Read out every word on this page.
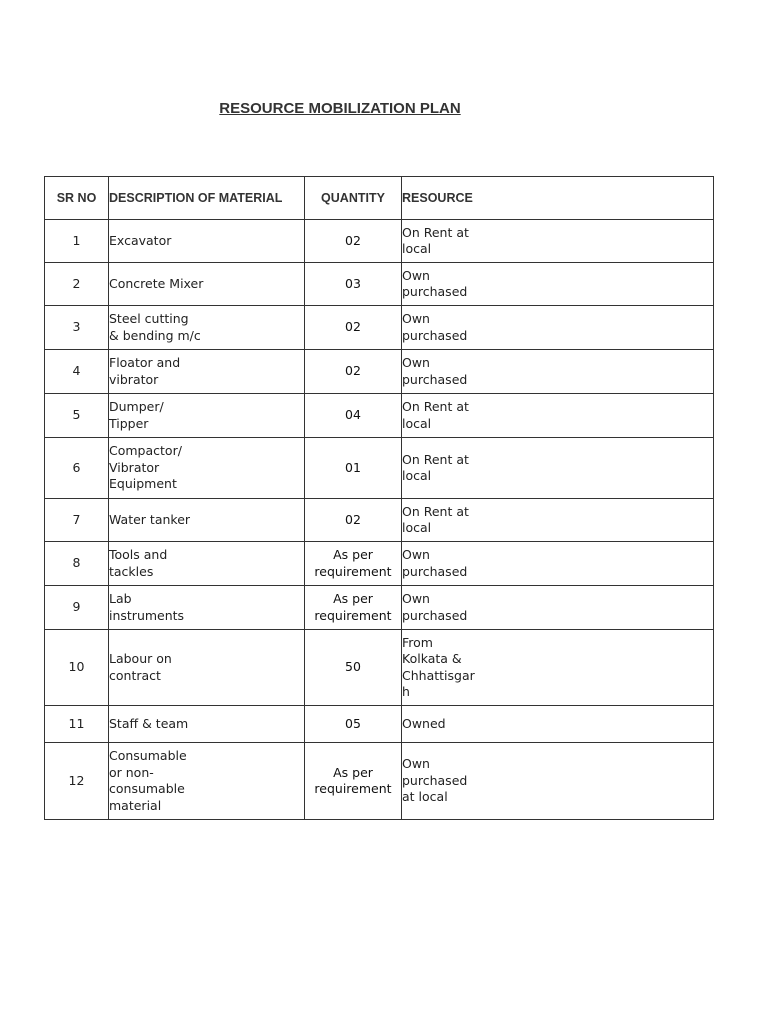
RESOURCE MOBILIZATION PLAN
SR NO	DESCRIPTION OF MATERIAL	QUANTITY	RESOURCE
1	Excavator	02	On Rent at
local

2	Concrete Mixer	03	Own
purchased

3	Steel cutting
& bending m/c	02	Own
purchased

4	Floator and
vibrator	02	Own
purchased

5	Dumper/
Tipper	04	On Rent at
local

6	Compactor/
Vibrator
Equipment	01	On Rent at
local

7	Water tanker	02	On Rent at
local

8	Tools and
tackles	As per
requirement	Own
purchased

9	Lab
instruments	As per
requirement	Own
purchased

10	Labour on
contract	50	From
Kolkata &
Chhattisgar
h

11	Staff & team	05	Owned

12	Consumable
or non-
consumable
material	As per
requirement	Own
purchased
at local
